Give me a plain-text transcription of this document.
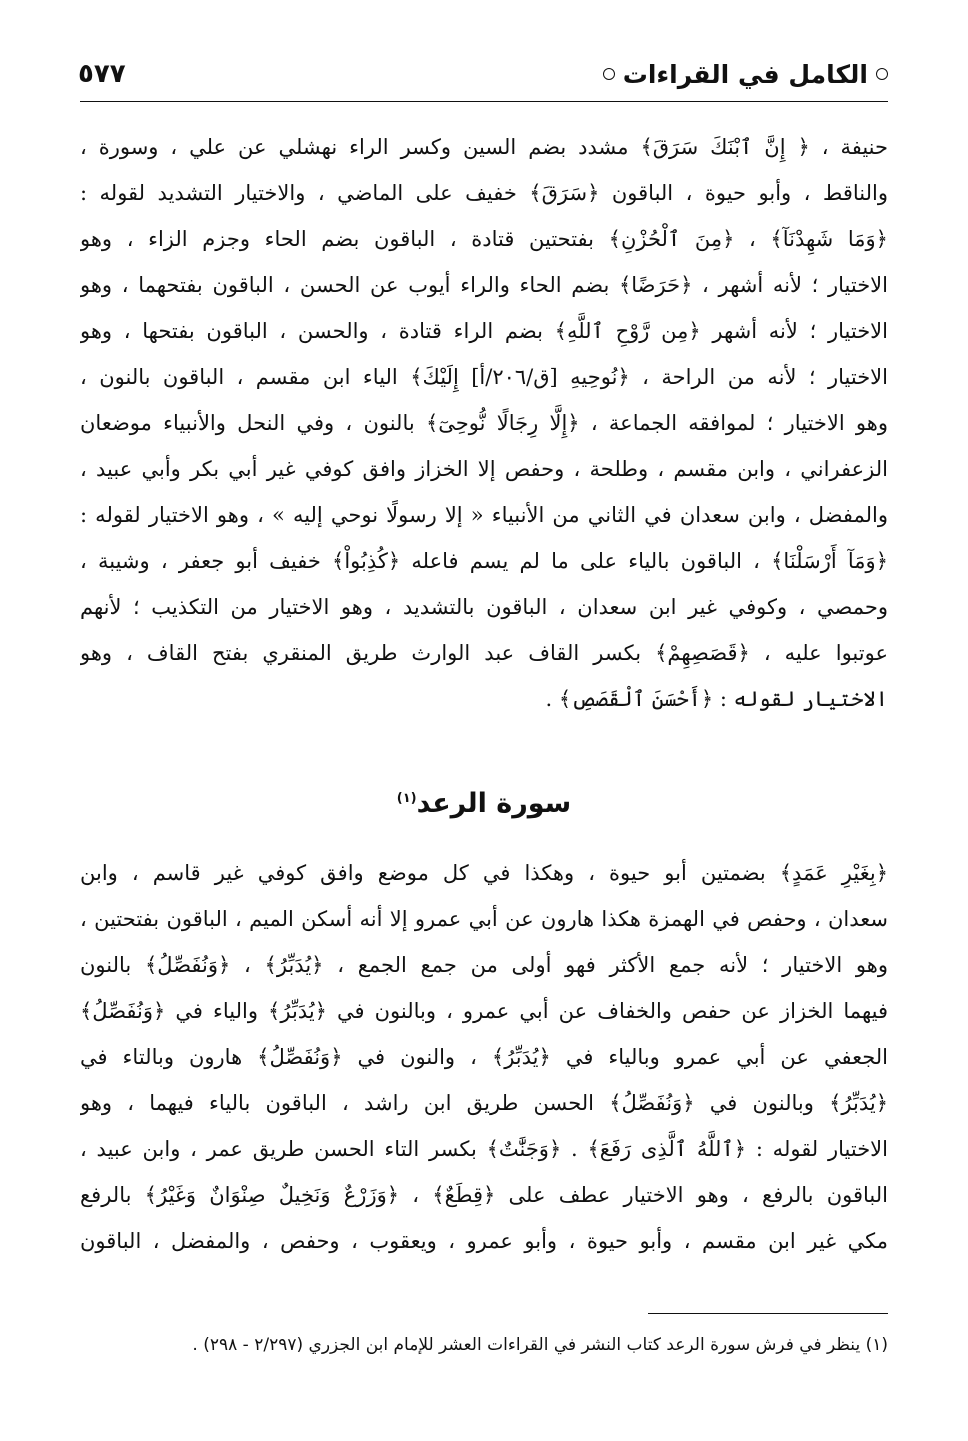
الكامل في القراءات
٥٧٧

حنيفة ، ﴿ إِنَّ ٱبْنَكَ سَرَقَ﴾ مشدد بضم السين وكسر الراء نهشلي عن علي ، وسورة ،
والناقط ، وأبو حيوة ، الباقون ﴿سَرَقَ﴾ خفيف على الماضي ، والاختيار التشديد لقوله :
﴿وَمَا شَهِدْنَآ﴾ ، ﴿مِنَ ٱلْحُزْنِ﴾ بفتحتين قتادة ، الباقون بضم الحاء وجزم الزاء ، وهو
الاختيار ؛ لأنه أشهر ، ﴿حَرَضًا﴾ بضم الحاء والراء أيوب عن الحسن ، الباقون بفتحهما ، وهو
الاختيار ؛ لأنه أشهر ﴿مِن رَّوْحِ ٱللَّهِ﴾ بضم الراء قتادة ، والحسن ، الباقون بفتحها ، وهو
الاختيار ؛ لأنه من الراحة ، ﴿نُوحِيهِ [ق/٢٠٦/أ] إِلَيْكَ﴾ الياء ابن مقسم ، الباقون بالنون ،
وهو الاختيار ؛ لموافقه الجماعة ، ﴿إِلَّا رِجَالًا نُّوحِىٓ﴾ بالنون ، وفي النحل والأنبياء موضعان
الزعفراني ، وابن مقسم ، وطلحة ، وحفص إلا الخزاز وافق كوفي غير أبي بكر وأبي عبيد ،
والمفضل ، وابن سعدان في الثاني من الأنبياء « إلا رسولًا نوحي إليه » ، وهو الاختيار لقوله :
﴿وَمَآ أَرْسَلْنَا﴾ ، الباقون بالياء على ما لم يسم فاعله ﴿كُذِبُواْ﴾ خفيف أبو جعفر ، وشيبة ،
وحمصي ، وكوفي غير ابن سعدان ، الباقون بالتشديد ، وهو الاختيار من التكذيب ؛ لأنهم
عوتبوا عليه ، ﴿قَصَصِهِمْ﴾ بكسر القاف عبد الوارث طريق المنقري بفتح القاف ، وهو
الاختيار لقوله : ﴿أَحْسَنَ ٱلْقَصَصِ﴾ .

سورة الرعد$^{(١)}$

﴿بِغَيْرِ عَمَدٍ﴾ بضمتين أبو حيوة ، وهكذا في كل موضع وافق كوفي غير قاسم ، وابن
سعدان ، وحفص في الهمزة هكذا هارون عن أبي عمرو إلا أنه أسكن الميم ، الباقون بفتحتين ،
وهو الاختيار ؛ لأنه جمع الأكثر فهو أولى من جمع الجمع ، ﴿يُدَبِّرُ﴾ ، ﴿وَنُفَصِّلُ﴾ بالنون
فيهما الخزاز عن حفص والخفاف عن أبي عمرو ، وبالنون في ﴿يُدَبِّرُ﴾ والياء في ﴿وَنُفَصِّلُ﴾
الجعفي عن أبي عمرو وبالياء في ﴿يُدَبِّرُ﴾ ، والنون في ﴿وَنُفَصِّلُ﴾ هارون وبالتاء في
﴿يُدَبِّرُ﴾ وبالنون في ﴿وَنُفَصِّلُ﴾ الحسن طريق ابن راشد ، الباقون بالياء فيهما ، وهو
الاختيار لقوله : ﴿ٱللَّهُ ٱلَّذِى رَفَعَ﴾ . ﴿وَجَنَّٰتٌ﴾ بكسر التاء الحسن طريق عمر ، وابن عبيد ،
الباقون بالرفع ، وهو الاختيار عطف على ﴿قِطَعٌ﴾ ، ﴿وَزَرْعٌ وَنَخِيلٌ صِنْوَانٌ وَغَيْرُ﴾ بالرفع
مكي غير ابن مقسم ، وأبو حيوة ، وأبو عمرو ، ويعقوب ، وحفص ، والمفضل ، الباقون

(١) ينظر في فرش سورة الرعد كتاب النشر في القراءات العشر للإمام ابن الجزري (٢/٢٩٧ - ٢٩٨) .
